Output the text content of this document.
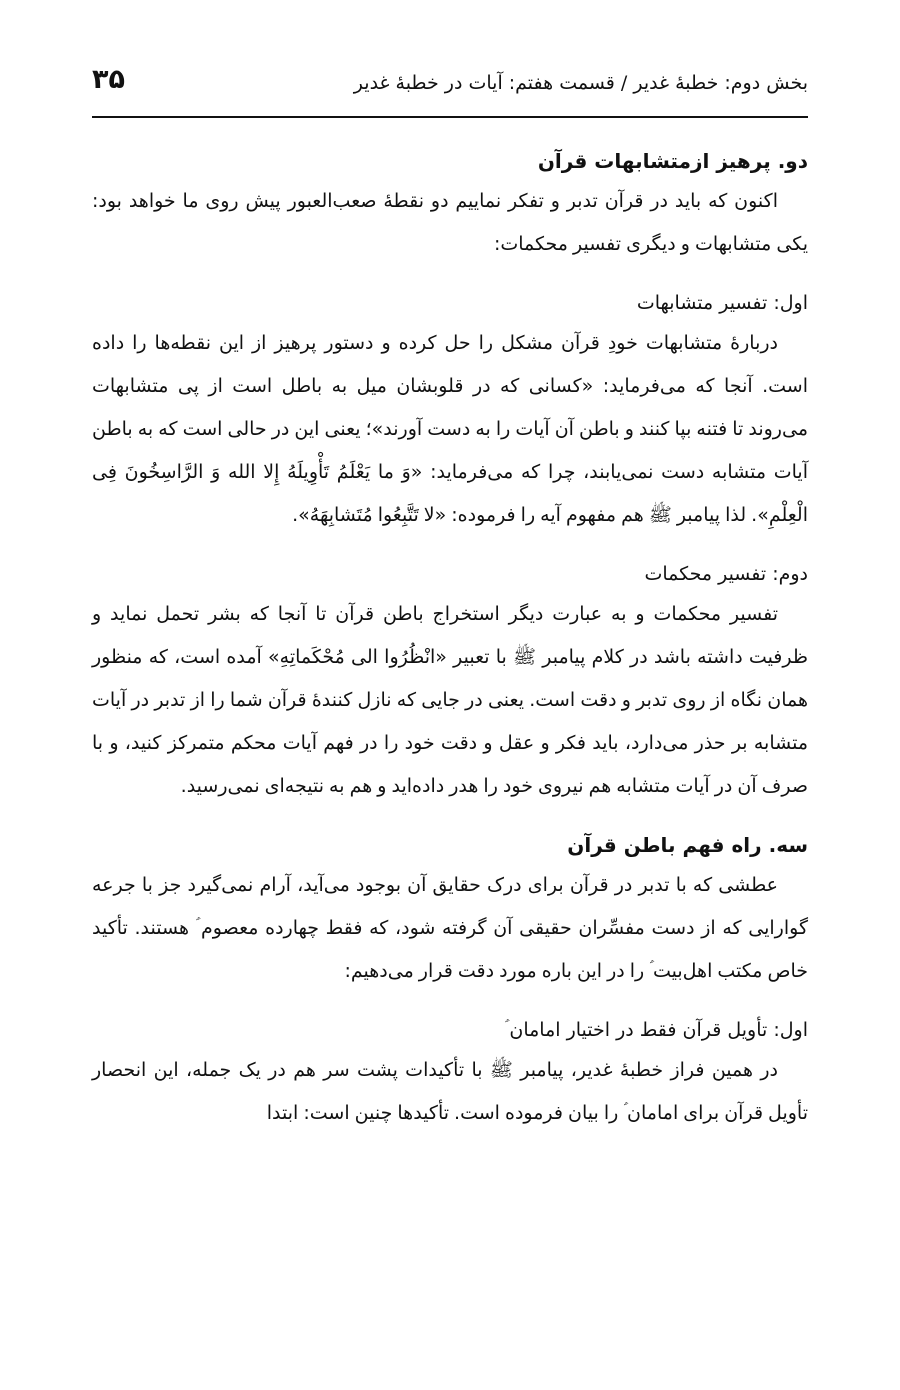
بخش دوم: خطبهٔ غدیر / قسمت هفتم: آیات در خطبهٔ غدیر
۳۵
دو. پرهیز ازمتشابهات قرآن

اکنون که باید در قرآن تدبر و تفکر نماییم دو نقطهٔ صعب‌العبور پیش روی ما خواهد بود: یکی متشابهات و دیگری تفسیر محکمات:

اول: تفسیر متشابهات

دربارهٔ متشابهات خودِ قرآن مشکل را حل کرده و دستور پرهیز از این نقطه‌ها را داده است. آنجا که می‌فرماید: «کسانی که در قلوبشان میل به باطل است از پی متشابهات می‌روند تا فتنه بپا کنند و باطن آن آیات را به دست آورند»؛ یعنی این در حالی است که به باطن آیات متشابه دست نمی‌یابند، چرا که می‌فرماید: «وَ ما یَعْلَمُ تَأْوِیلَهُ إِلا الله وَ الرَّاسِخُونَ فِی الْعِلْمِ». لذا پیامبر ﷺ هم مفهوم آیه را فرموده: «لا تَتَّبِعُوا مُتَشابِهَهُ».

دوم: تفسیر محکمات

تفسیر محکمات و به عبارت دیگر استخراج باطن قرآن تا آنجا که بشر تحمل نماید و ظرفیت داشته باشد در کلام پیامبر ﷺ با تعبیر «انْظُرُوا الی مُحْکَماتِهِ» آمده است، که منظور همان نگاه از روی تدبر و دقت است. یعنی در جایی که نازل کنندهٔ قرآن شما را از تدبر در آیات متشابه بر حذر می‌دارد، باید فکر و عقل و دقت خود را در فهم آیات محکم متمرکز کنید، و با صرف آن در آیات متشابه هم نیروی خود را هدر داده‌اید و هم به نتیجه‌ای نمی‌رسید.

سه. راه فهم باطن قرآن

عطشی که با تدبر در قرآن برای درک حقایق آن بوجود می‌آید، آرام نمی‌گیرد جز با جرعه گوارایی که از دست مفسِّران حقیقی آن گرفته شود، که فقط چهارده معصوم ؑ هستند. تأکید خاص مکتب اهل‌بیت ؑ را در این باره مورد دقت قرار می‌دهیم:

اول: تأویل قرآن فقط در اختیار امامان ؑ

در همین فراز خطبهٔ غدیر، پیامبر ﷺ با تأکیدات پشت سر هم در یک جمله، این انحصار تأویل قرآن برای امامان ؑ را بیان فرموده است. تأکیدها چنین است: ابتدا
